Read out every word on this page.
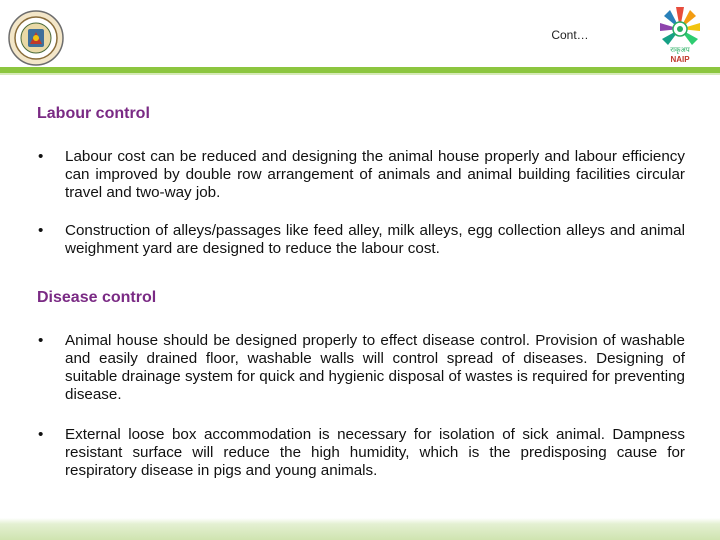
Cont…
राकृअप
NAIP
Labour control
•	Labour cost can be reduced and designing the animal house properly and labour efficiency can improved by double row arrangement of animals and animal building facilities circular travel and two-way job.
•	Construction of alleys/passages like feed alley, milk alleys, egg collection alleys and animal weighment yard are designed to reduce the labour cost.
Disease control
•	Animal house should be designed properly to effect disease control. Provision of washable and easily drained floor, washable walls will control spread of diseases. Designing of suitable drainage system for quick and hygienic disposal of wastes is required for preventing disease.
•	External loose box accommodation is necessary for isolation of sick animal. Dampness resistant surface will reduce the high humidity, which is the predisposing cause for respiratory disease in pigs and young animals.
